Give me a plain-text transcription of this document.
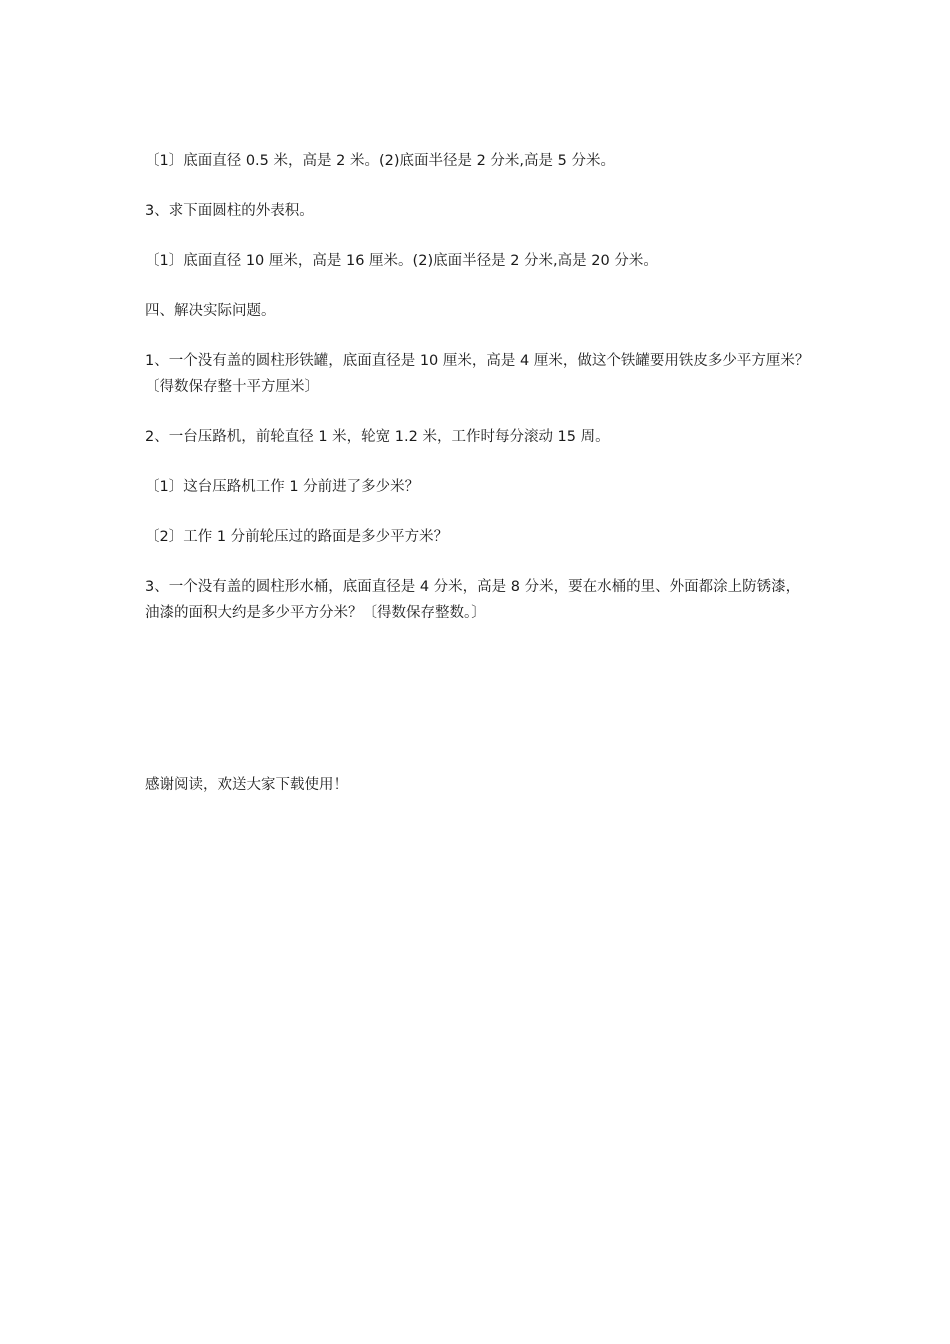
〔1〕底面直径 0.5 米，高是 2 米。(2)底面半径是 2 分米,高是 5 分米。

3、求下面圆柱的外表积。

〔1〕底面直径 10 厘米，高是 16 厘米。(2)底面半径是 2 分米,高是 20 分米。

四、解决实际问题。

1、一个没有盖的圆柱形铁罐，底面直径是 10 厘米，高是 4 厘米，做这个铁罐要用铁皮多少平方厘米？〔得数保存整十平方厘米〕

2、一台压路机，前轮直径 1 米，轮宽 1.2 米，工作时每分滚动 15 周。

〔1〕这台压路机工作 1 分前进了多少米？

〔2〕工作 1 分前轮压过的路面是多少平方米？

3、一个没有盖的圆柱形水桶，底面直径是 4 分米，高是 8 分米，要在水桶的里、外面都涂上防锈漆，油漆的面积大约是多少平方分米？〔得数保存整数。〕

感谢阅读，欢送大家下载使用！
